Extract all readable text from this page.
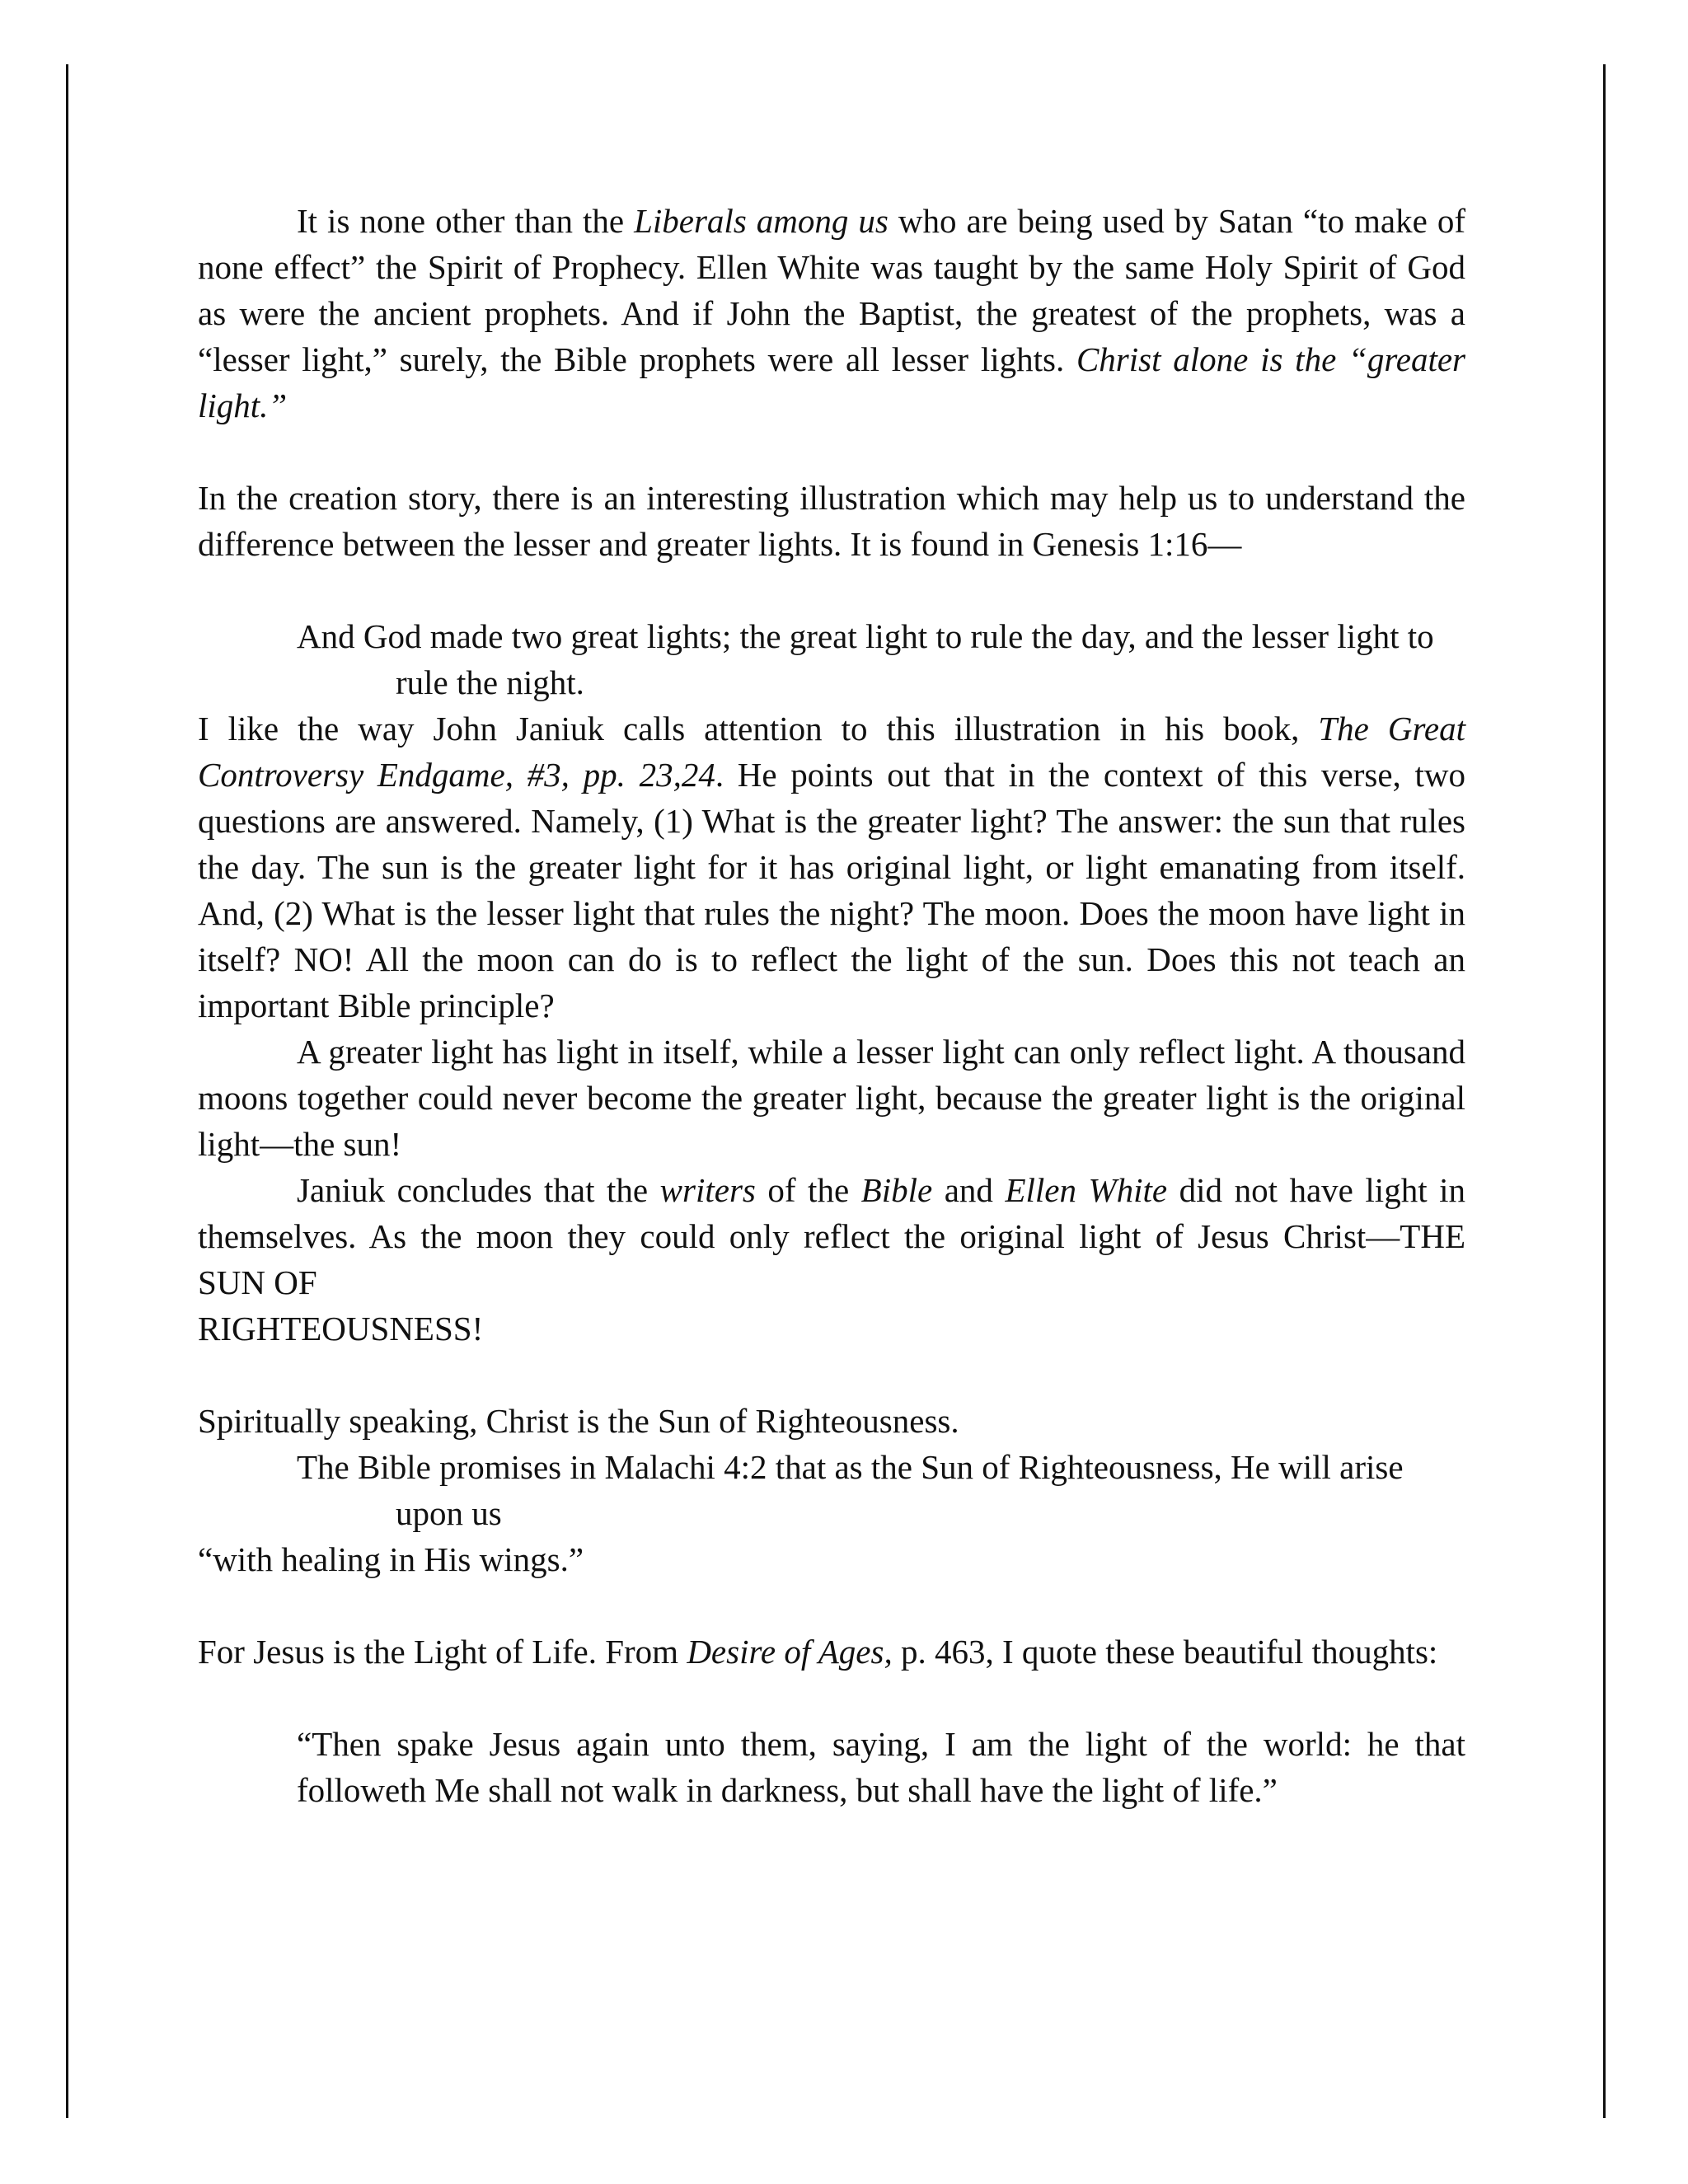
It is none other than the Liberals among us who are being used by Satan “to make of none effect” the Spirit of Prophecy. Ellen White was taught by the same Holy Spirit of God as were the ancient prophets. And if John the Baptist, the greatest of the prophets, was a “lesser light,” surely, the Bible prophets were all lesser lights. Christ alone is the “greater light.”

In the creation story, there is an interesting illustration which may help us to understand the difference between the lesser and greater lights. It is found in Genesis 1:16—

And God made two great lights; the great light to rule the day, and the lesser light to rule the night.

I like the way John Janiuk calls attention to this illustration in his book, The Great Controversy Endgame, #3, pp. 23,24. He points out that in the context of this verse, two questions are answered. Namely, (1) What is the greater light? The answer: the sun that rules the day. The sun is the greater light for it has original light, or light emanating from itself. And, (2) What is the lesser light that rules the night? The moon. Does the moon have light in itself? NO! All the moon can do is to reflect the light of the sun. Does this not teach an important Bible principle?

A greater light has light in itself, while a lesser light can only reflect light. A thousand moons together could never become the greater light, because the greater light is the original light—the sun!

Janiuk concludes that the writers of the Bible and Ellen White did not have light in themselves. As the moon they could only reflect the original light of Jesus Christ—THE SUN OF

RIGHTEOUSNESS!

Spiritually speaking, Christ is the Sun of Righteousness.

The Bible promises in Malachi 4:2 that as the Sun of Righteousness, He will arise upon us

“with healing in His wings.”

For Jesus is the Light of Life. From Desire of Ages, p. 463, I quote these beautiful thoughts:

“Then spake Jesus again unto them, saying, I am the light of the world: he that followeth Me shall not walk in darkness, but shall have the light of life.”
